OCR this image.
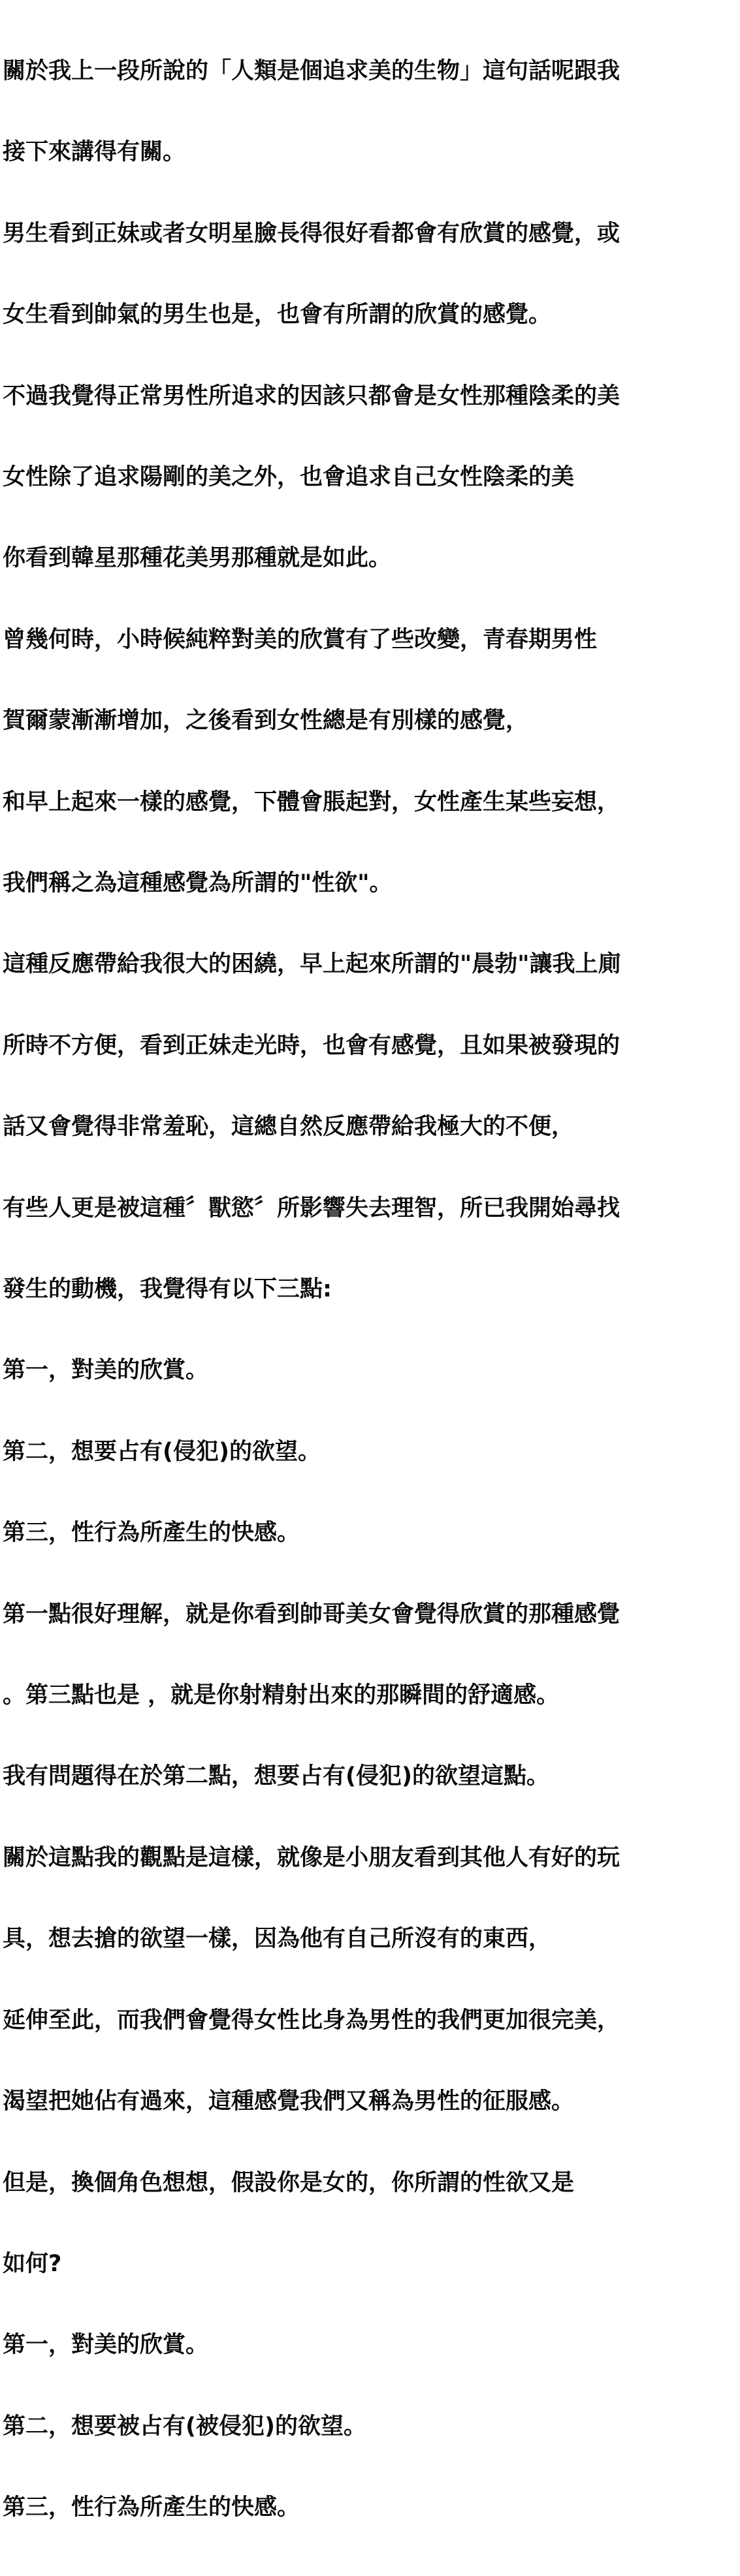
關於我上一段所說的「人類是個追求美的生物」這句話呢跟我

接下來講得有關。

男生看到正妹或者女明星臉長得很好看都會有欣賞的感覺，或

女生看到帥氣的男生也是，也會有所謂的欣賞的感覺。

不過我覺得正常男性所追求的因該只都會是女性那種陰柔的美

女性除了追求陽剛的美之外，也會追求自己女性陰柔的美

你看到韓星那種花美男那種就是如此。

曾幾何時，小時候純粹對美的欣賞有了些改變，青春期男性

賀爾蒙漸漸增加，之後看到女性總是有別樣的感覺，

和早上起來一樣的感覺，下體會脹起對，女性產生某些妄想，

我們稱之為這種感覺為所謂的"性欲"。

這種反應帶給我很大的困繞，早上起來所謂的"晨勃"讓我上廁

所時不方便，看到正妹走光時，也會有感覺，且如果被發現的

話又會覺得非常羞恥，這總自然反應帶給我極大的不便，

有些人更是被這種〞獸慾〞所影響失去理智，所已我開始尋找

發生的動機，我覺得有以下三點:

第一，對美的欣賞。

第二，想要占有(侵犯)的欲望。

第三，性行為所產生的快感。

第一點很好理解，就是你看到帥哥美女會覺得欣賞的那種感覺

。第三點也是 ，就是你射精射出來的那瞬間的舒適感。

我有問題得在於第二點，想要占有(侵犯)的欲望這點。

關於這點我的觀點是這樣，就像是小朋友看到其他人有好的玩

具，想去搶的欲望一樣，因為他有自己所沒有的東西，

延伸至此，而我們會覺得女性比身為男性的我們更加很完美，

渴望把她佔有過來，這種感覺我們又稱為男性的征服感。

但是，換個角色想想，假設你是女的，你所謂的性欲又是

如何?

第一，對美的欣賞。

第二，想要被占有(被侵犯)的欲望。

第三，性行為所產生的快感。
